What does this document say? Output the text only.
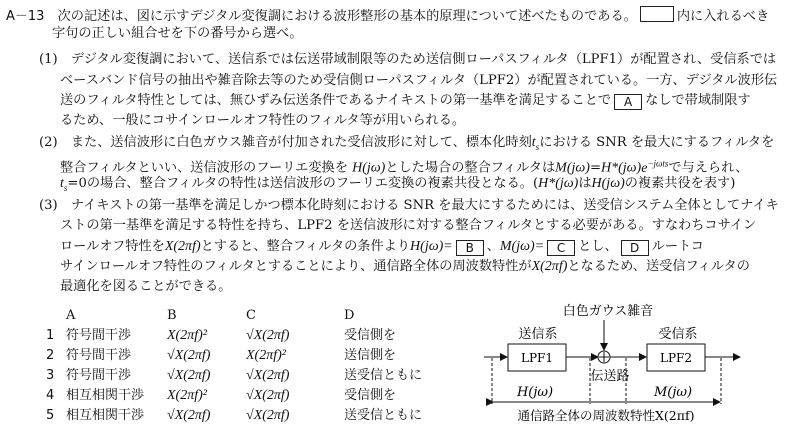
A－13　 次の記述は、図に示すデジタル変復調における波形整形の基本的原理について述べたものである。	内に入れるべき
字句の正しい組合せを下の番号から選べ。
(1)　デジタル変復調において、送信系では伝送帯域制限等のため送信側ローパスフィルタ（LPF1）が配置され、受信系では
ベースバンド信号の抽出や雑音除去等のため受信側ローパスフィルタ（LPF2）が配置されている。一方、デジタル波形伝
送のフィルタ特性としては、無ひずみ伝送条件であるナイキストの第一基準を満足することで A なしで帯域制限す
るため、一般にコサインロールオフ特性のフィルタ等が用いられる。
(2)　また、送信波形に白色ガウス雑音が付加された受信波形に対して、標本化時刻$t_s$における SNR を最大にするフィルタを
整合フィルタといい、送信波形のフーリエ変換を H(jω)とした場合の整合フィルタは$M(j\omega)=H*(j\omega)e^{-j\omega ts}$で与えられ、
$t_s=0$の場合、整合フィルタの特性は送信波形のフーリエ変換の複素共役となる。(H*(jω)はH(jω)の複素共役を表す)
(3)　ナイキストの第一基準を満足しかつ標本化時刻における SNR を最大にするためには、送受信システム全体としてナイキ
ストの第一基準を満足する特性を持ち、LPF2 を送信波形に対する整合フィルタとする必要がある。すなわちコサイン
ロールオフ特性をX(2πf)とすると、整合フィルタの条件よりH(jω)= B 、M(jω)= C とし、 D ルートコ
サインロールオフ特性のフィルタとすることにより、通信路全体の周波数特性がX(2πf)となるため、送受信フィルタの
最適化を図ることができる。
A	B	C	D
1 符号間干渉	X(2πf)²	√X(2πf)	受信側を
2 符号間干渉	√X(2πf)	X(2πf)²	送信側を
3 符号間干渉	√X(2πf)	√X(2πf)	送受信ともに
4 相互相関干渉 X(2πf)²	√X(2πf)	受信側を
5 相互相関干渉 √X(2πf)	√X(2πf)	送受信ともに
白色ガウス雑音
送信系	受信系
LPF1
伝送路
LPF2
H(jω)	M(jω)
通信路全体の周波数特性X(2πf)
